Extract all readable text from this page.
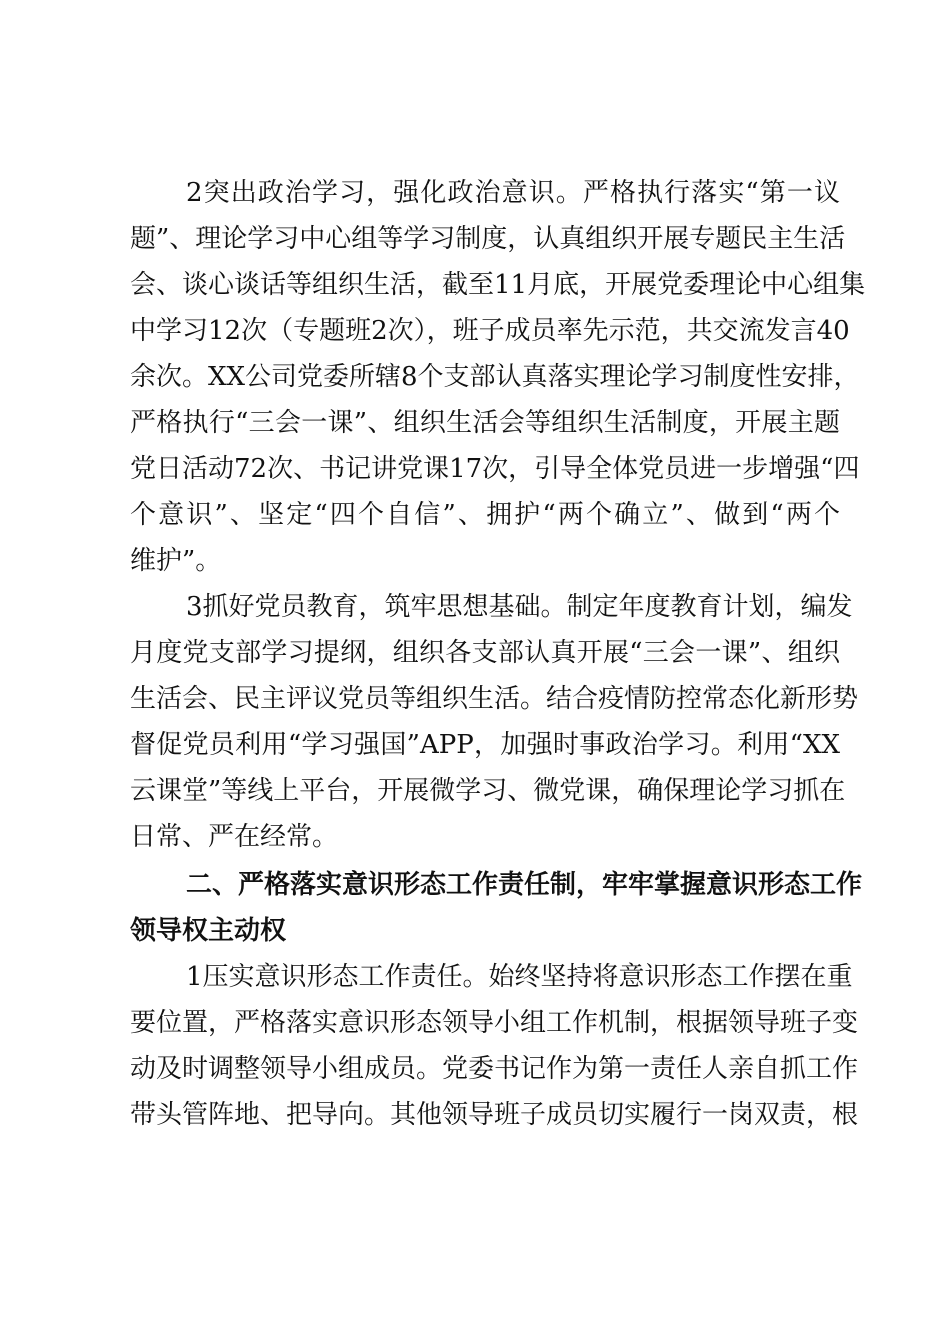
2突出政治学习，强化政治意识。严格执行落实“第一议
题”、理论学习中心组等学习制度，认真组织开展专题民主生活
会、谈心谈话等组织生活，截至11月底，开展党委理论中心组集
中学习12次（专题班2次），班子成员率先示范，共交流发言40
余次。XX公司党委所辖8个支部认真落实理论学习制度性安排，
严格执行“三会一课”、组织生活会等组织生活制度，开展主题
党日活动72次、书记讲党课17次，引导全体党员进一步增强“四
个意识”、坚定“四个自信”、拥护“两个确立”、做到“两个
维护”。
3抓好党员教育，筑牢思想基础。制定年度教育计划，编发
月度党支部学习提纲，组织各支部认真开展“三会一课”、组织
生活会、民主评议党员等组织生活。结合疫情防控常态化新形势
督促党员利用“学习强国”APP，加强时事政治学习。利用“XX
云课堂”等线上平台，开展微学习、微党课，确保理论学习抓在
日常、严在经常。
二、严格落实意识形态工作责任制，牢牢掌握意识形态工作
领导权主动权
1压实意识形态工作责任。始终坚持将意识形态工作摆在重
要位置，严格落实意识形态领导小组工作机制，根据领导班子变
动及时调整领导小组成员。党委书记作为第一责任人亲自抓工作
带头管阵地、把导向。其他领导班子成员切实履行一岗双责，根
